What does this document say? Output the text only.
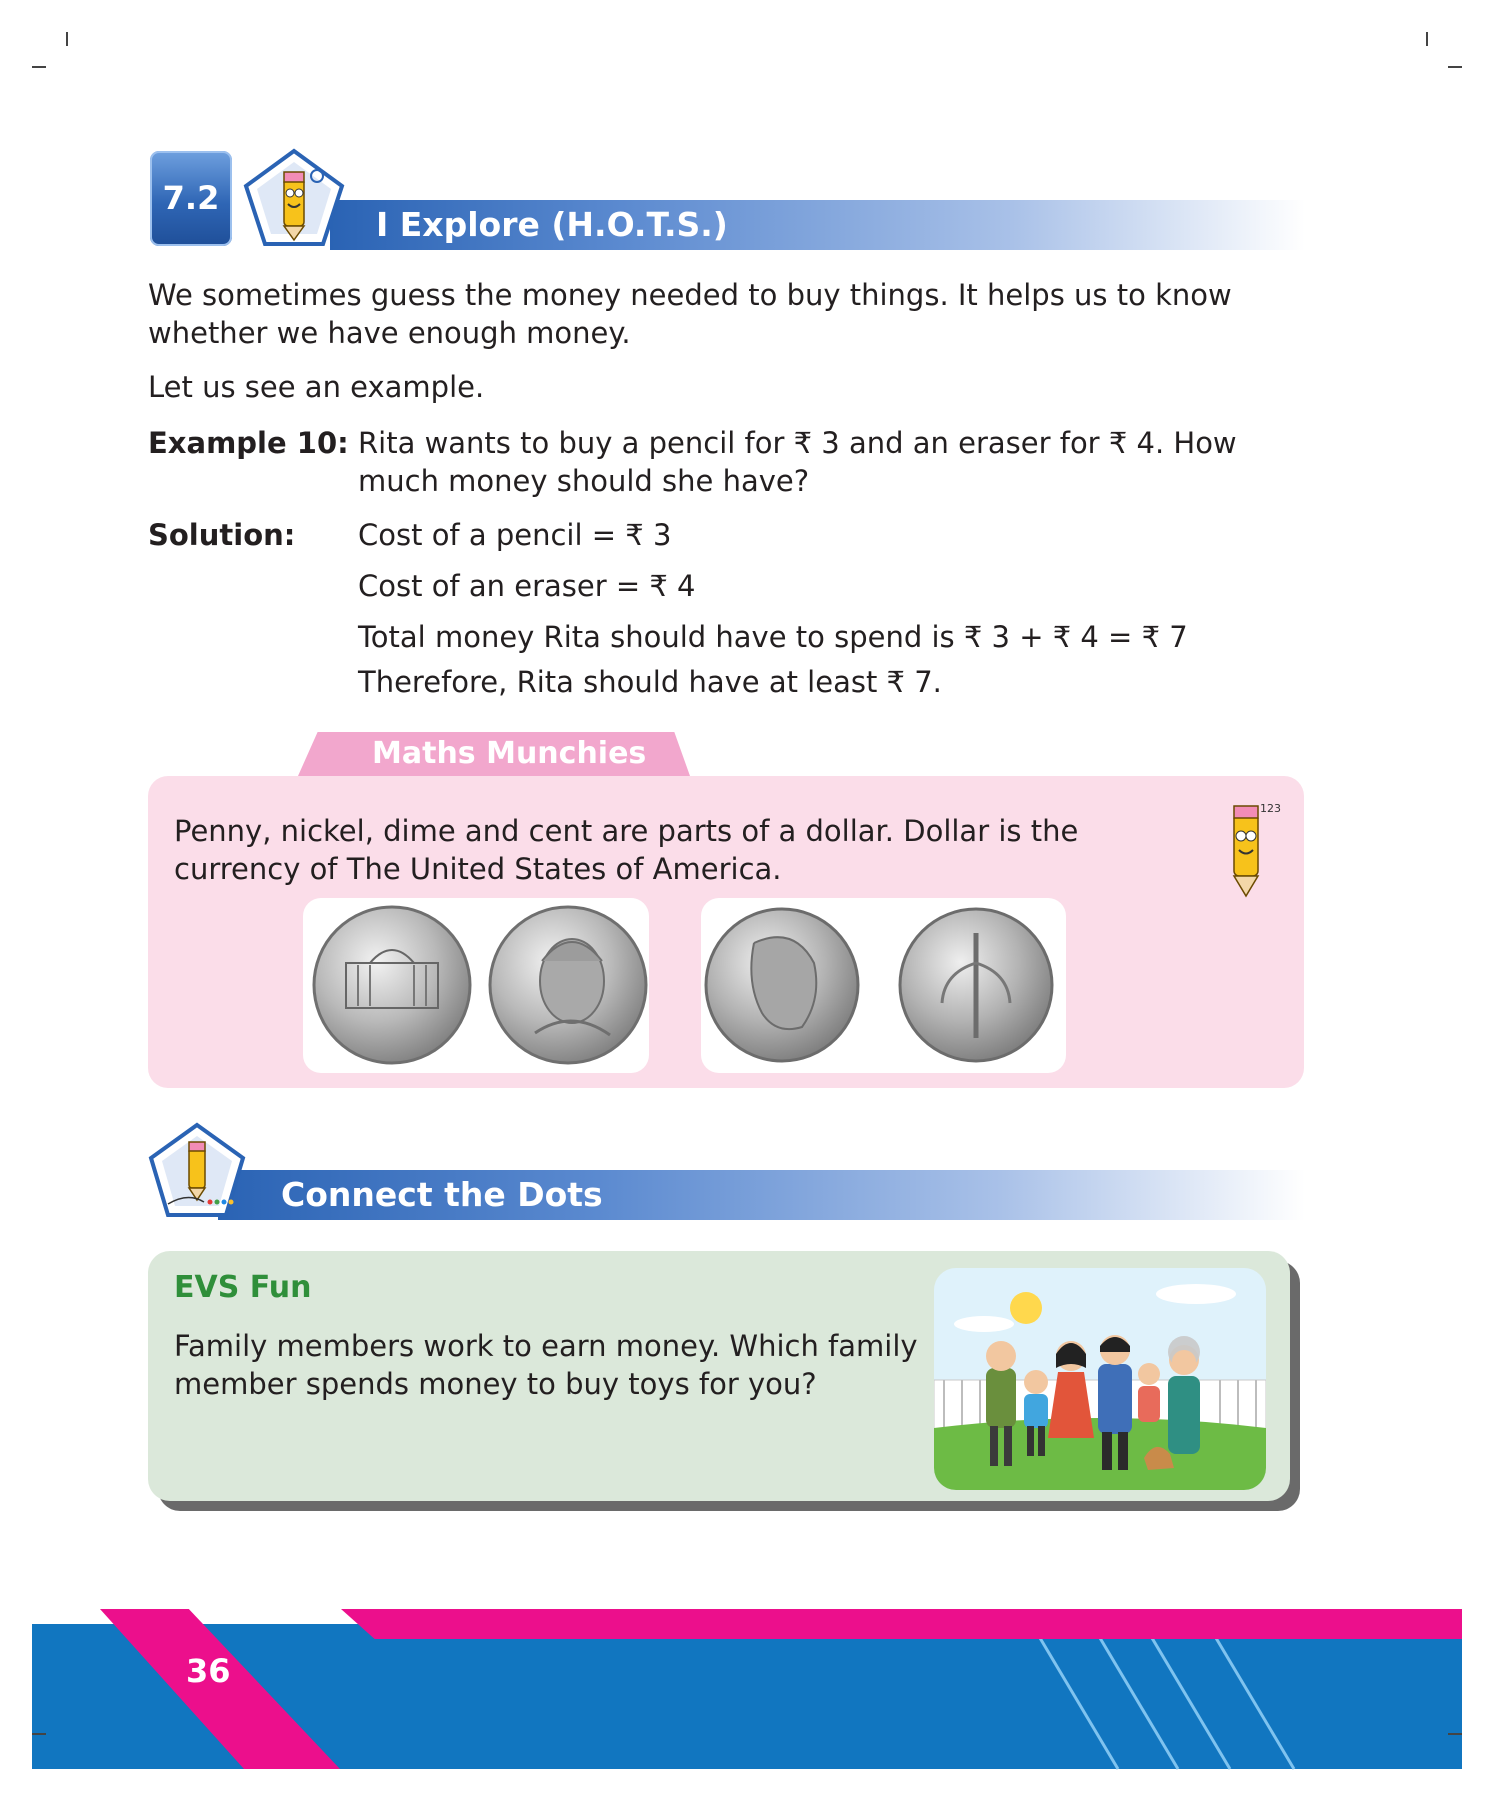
7.2
I Explore (H.O.T.S.)
We sometimes guess the money needed to buy things. It helps us to know
whether we have enough money.
Let us see an example.
Example 10: Rita wants to buy a pencil for ₹ 3 and an eraser for ₹ 4. How
much money should she have?
Solution: Cost of a pencil = ₹ 3
Cost of an eraser = ₹ 4
Total money Rita should have to spend is ₹ 3 + ₹ 4 = ₹ 7
Therefore, Rita should have at least ₹ 7.
Maths Munchies
Penny, nickel, dime and cent are parts of a dollar. Dollar is the
currency of The United States of America.
123
Connect the Dots
EVS Fun
Family members work to earn money. Which family
member spends money to buy toys for you?
36
